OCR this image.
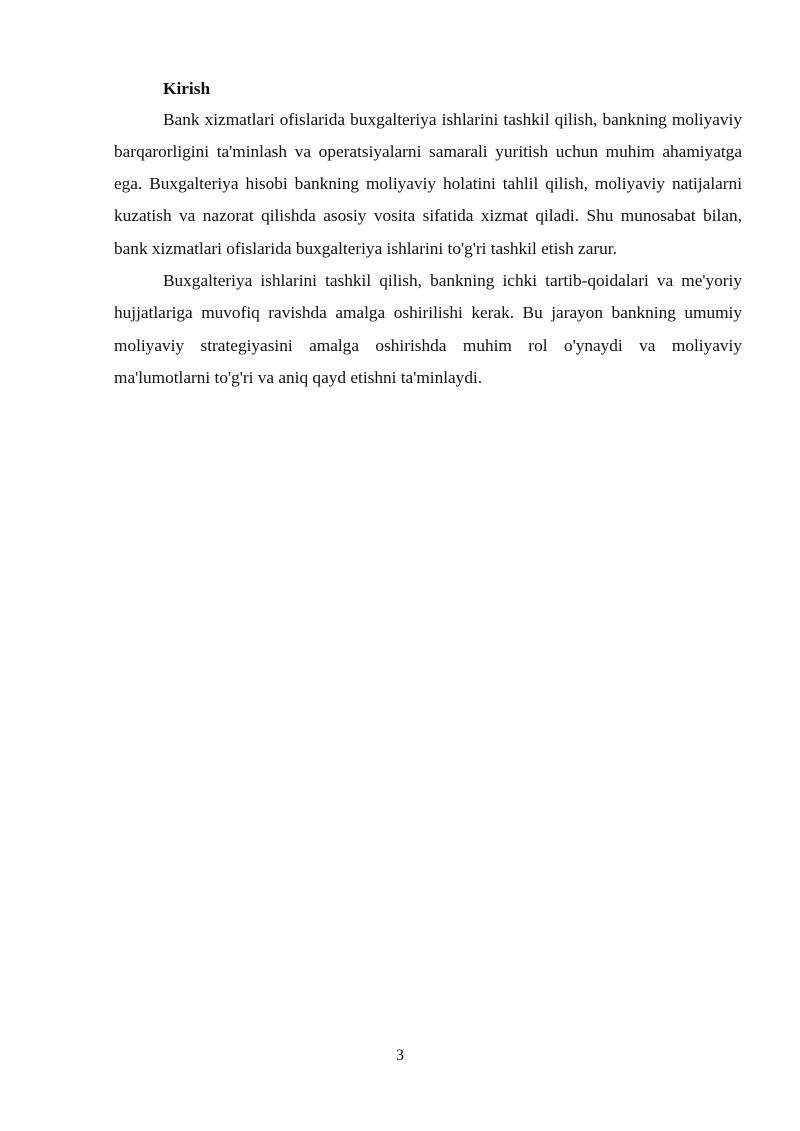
Kirish

Bank xizmatlari ofislarida buxgalteriya ishlarini tashkil qilish, bankning moliyaviy barqarorligini ta'minlash va operatsiyalarni samarali yuritish uchun muhim ahamiyatga ega. Buxgalteriya hisobi bankning moliyaviy holatini tahlil qilish, moliyaviy natijalarni kuzatish va nazorat qilishda asosiy vosita sifatida xizmat qiladi. Shu munosabat bilan, bank xizmatlari ofislarida buxgalteriya ishlarini to'g'ri tashkil etish zarur.

Buxgalteriya ishlarini tashkil qilish, bankning ichki tartib-qoidalari va me'yoriy hujjatlariga muvofiq ravishda amalga oshirilishi kerak. Bu jarayon bankning umumiy moliyaviy strategiyasini amalga oshirishda muhim rol o'ynaydi va moliyaviy ma'lumotlarni to'g'ri va aniq qayd etishni ta'minlaydi.

3
